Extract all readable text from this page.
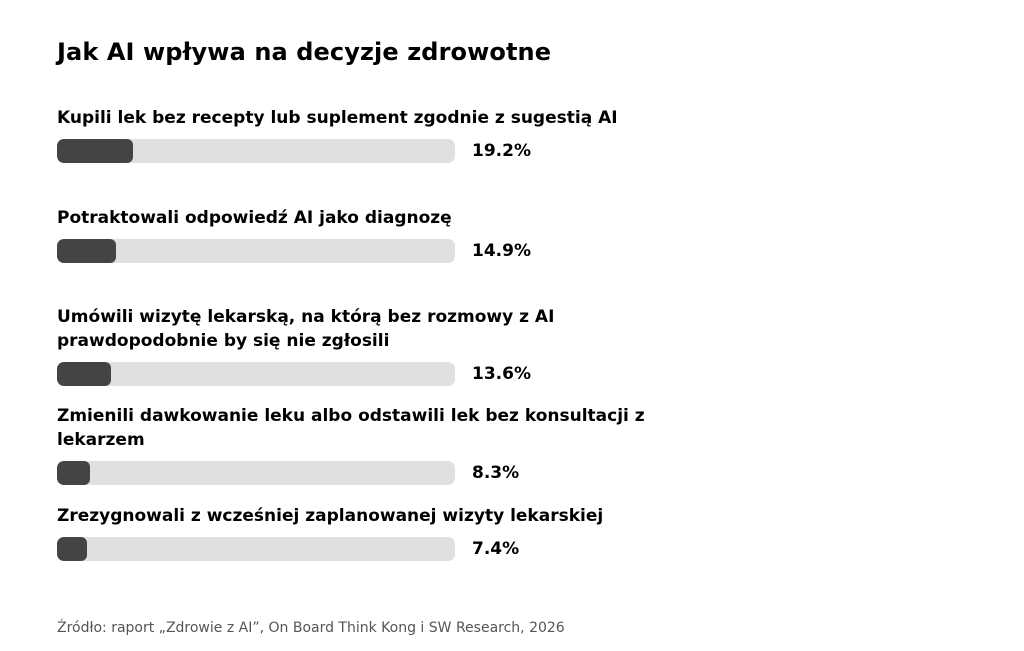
Jak AI wpływa na decyzje zdrowotne
Kupili lek bez recepty lub suplement zgodnie z sugestią AI
19.2%
Potraktowali odpowiedź AI jako diagnozę
14.9%
Umówili wizytę lekarską, na którą bez rozmowy z AI prawdopodobnie by się nie zgłosili
13.6%
Zmienili dawkowanie leku albo odstawili lek bez konsultacji z lekarzem
8.3%
Zrezygnowali z wcześniej zaplanowanej wizyty lekarskiej
7.4%
Źródło: raport „Zdrowie z AI”, On Board Think Kong i SW Research, 2026
